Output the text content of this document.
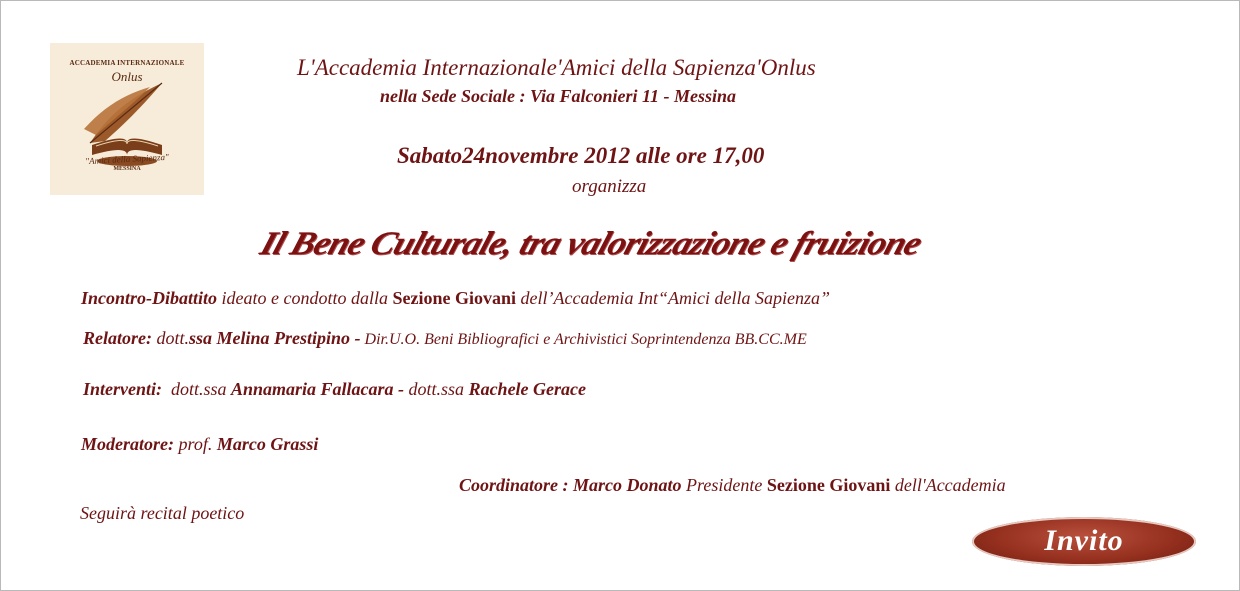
ACCADEMIA INTERNAZIONALE
Onlus
"Amici della Sapienza"
MESSINA
L'Accademia Internazionale'Amici della Sapienza'Onlus
nella Sede Sociale : Via Falconieri 11 - Messina
Sabato24novembre 2012 alle ore 17,00
organizza
Il Bene Culturale, tra valorizzazione e fruizione
Incontro-Dibattito ideato e condotto dalla Sezione Giovani dell’Accademia Int“Amici della Sapienza”
Relatore: dott.ssa Melina Prestipino - Dir.U.O. Beni Bibliografici e Archivistici Soprintendenza BB.CC.ME
Interventi:  dott.ssa Annamaria Fallacara - dott.ssa Rachele Gerace
Moderatore: prof. Marco Grassi
Coordinatore : Marco Donato Presidente Sezione Giovani dell'Accademia
Seguirà recital poetico
Invito
